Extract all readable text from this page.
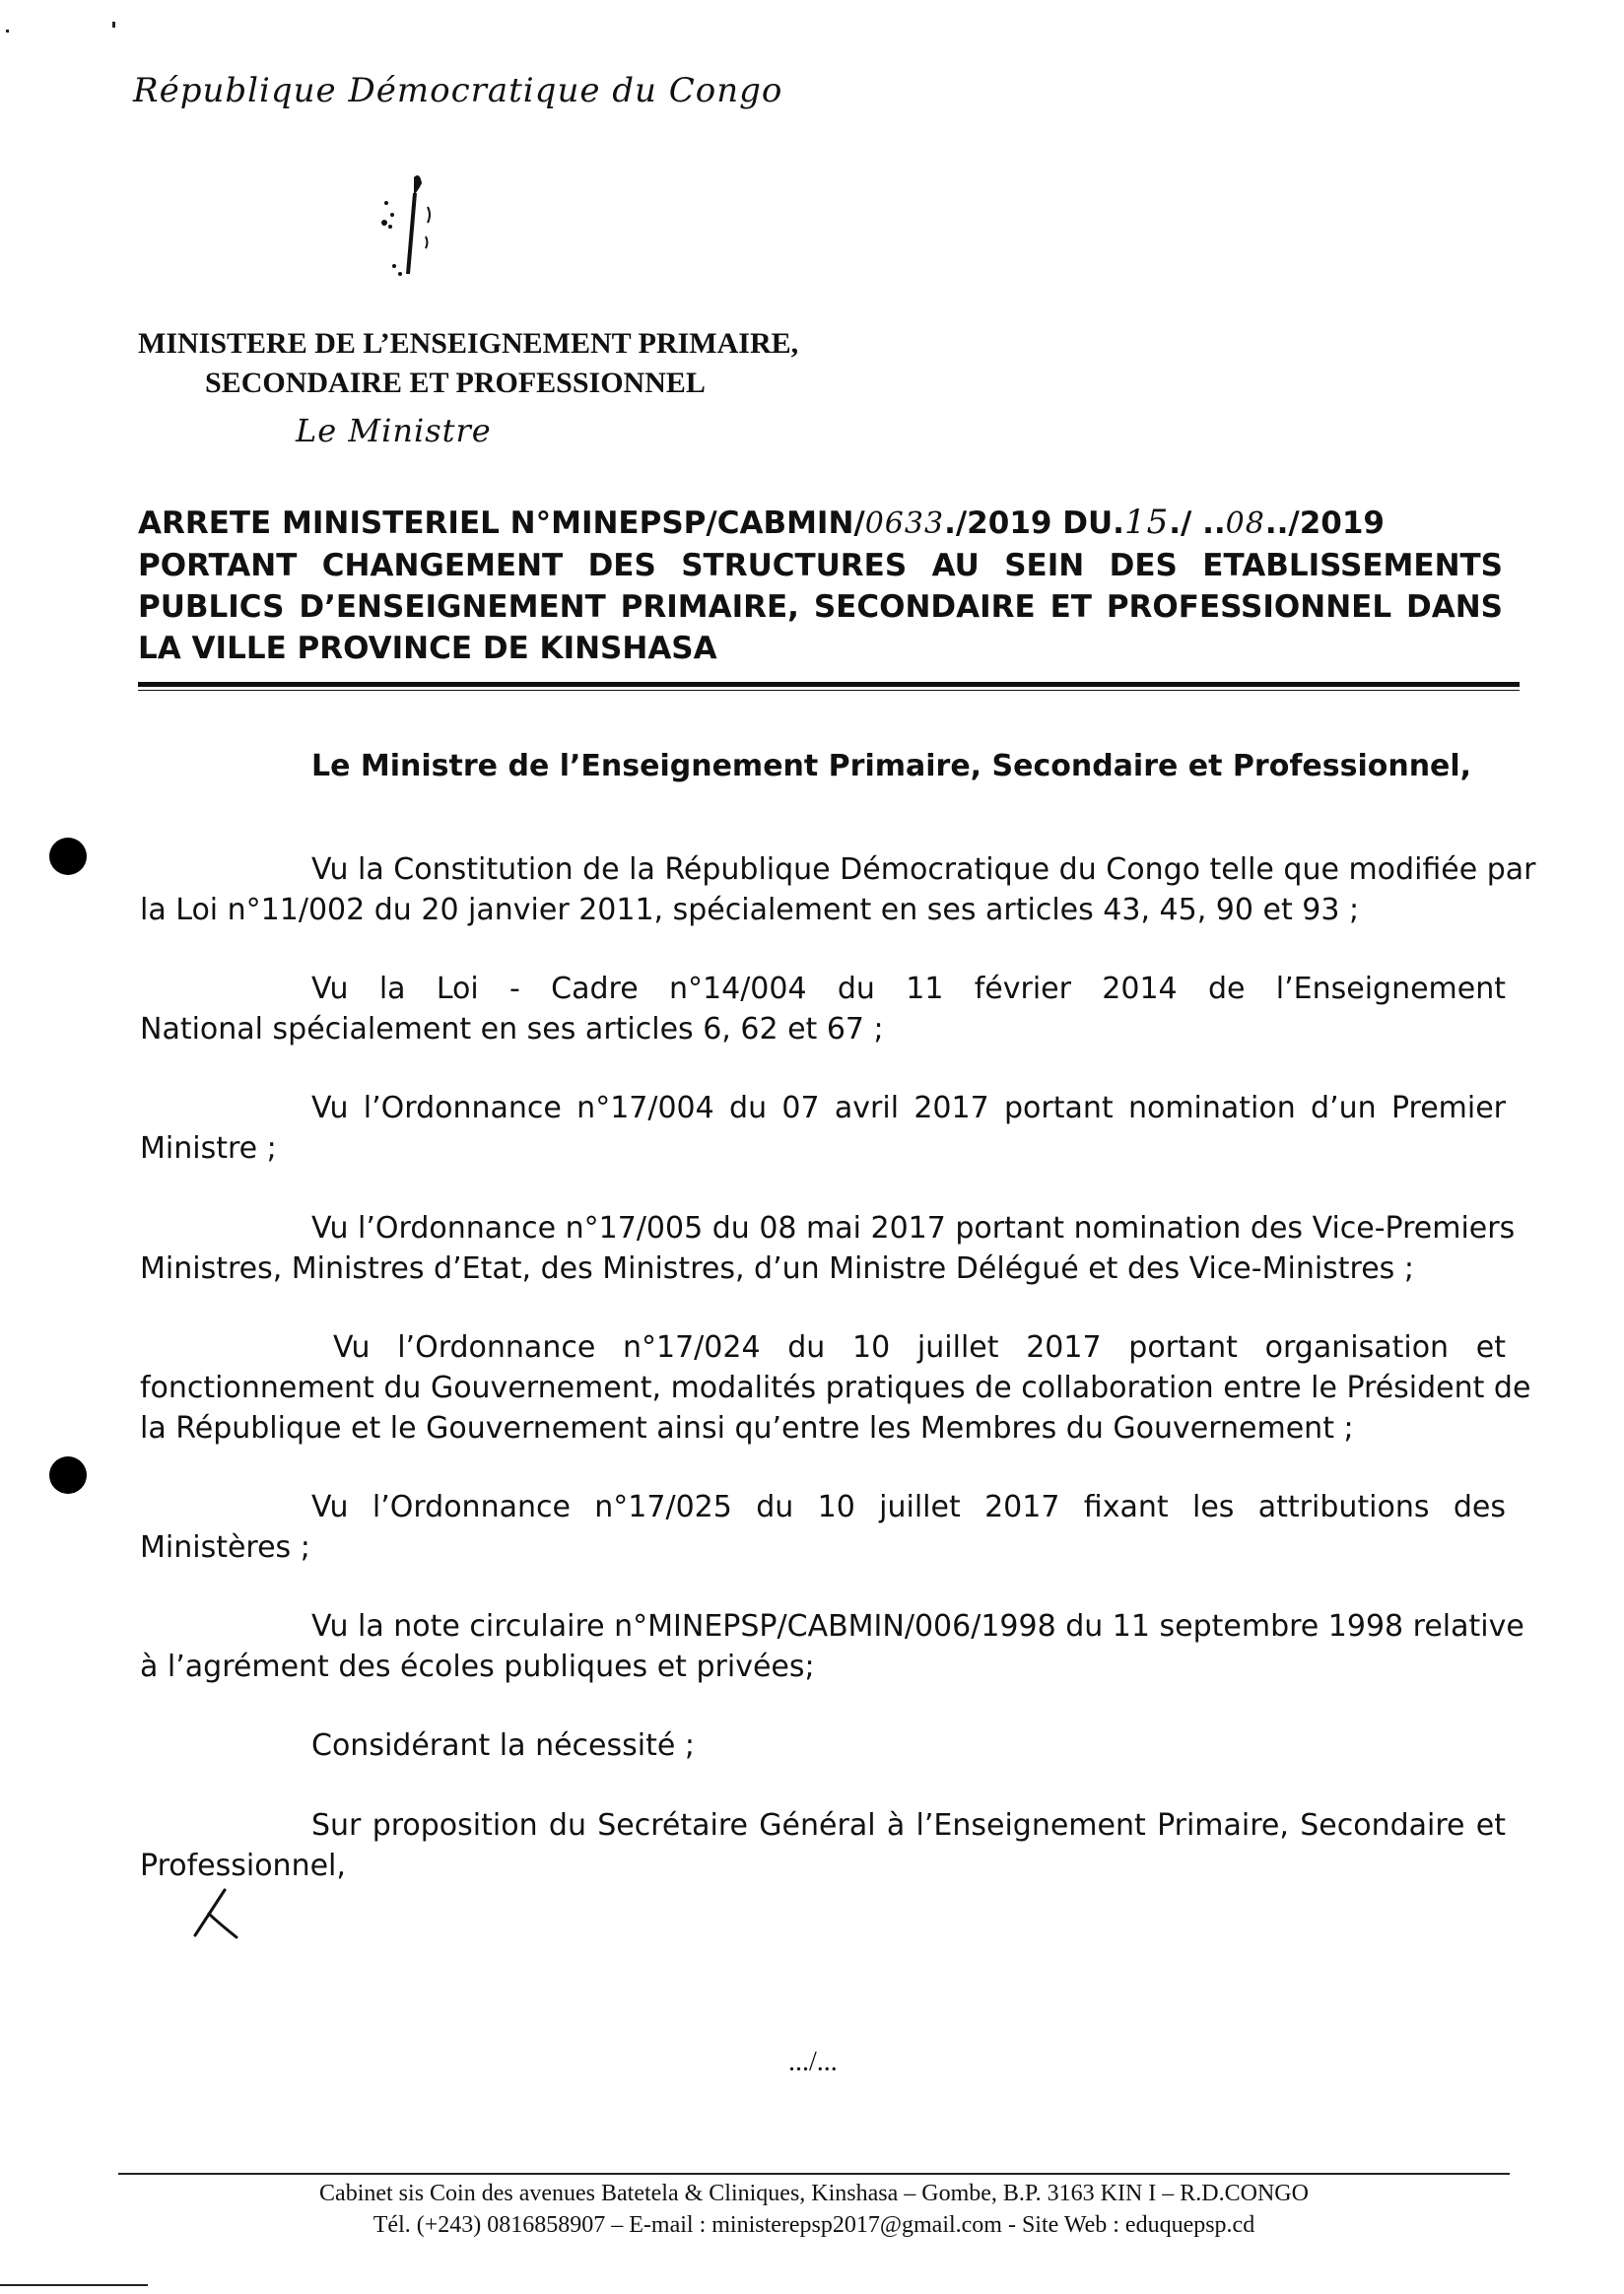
République Démocratique du Congo
MINISTERE DE L’ENSEIGNEMENT PRIMAIRE,
SECONDAIRE ET PROFESSIONNEL
Le Ministre
ARRETE MINISTERIEL N°MINEPSP/CABMIN/0633./2019 DU.15./ ..08../2019
PORTANT CHANGEMENT DES STRUCTURES AU SEIN DES ETABLISSEMENTS
PUBLICS D’ENSEIGNEMENT PRIMAIRE, SECONDAIRE ET PROFESSIONNEL DANS
LA VILLE PROVINCE DE KINSHASA
Le Ministre de l’Enseignement Primaire, Secondaire et Professionnel,
Vu la Constitution de la République Démocratique du Congo telle que modifiée par
la Loi n°11/002 du 20 janvier 2011, spécialement en ses articles 43, 45, 90 et 93 ;
Vu la Loi - Cadre n°14/004 du 11 février 2014 de l’Enseignement
National spécialement en ses articles 6, 62 et 67 ;
Vu l’Ordonnance n°17/004 du 07 avril 2017 portant nomination d’un Premier
Ministre ;
Vu l’Ordonnance n°17/005 du 08 mai 2017 portant nomination des Vice-Premiers
Ministres, Ministres d’Etat, des Ministres, d’un Ministre Délégué et des Vice-Ministres ;
Vu l’Ordonnance n°17/024 du 10 juillet 2017 portant organisation et
fonctionnement du Gouvernement, modalités pratiques de collaboration entre le Président de
la République et le Gouvernement ainsi qu’entre les Membres du Gouvernement ;
Vu l’Ordonnance n°17/025 du 10 juillet 2017 fixant les attributions des
Ministères ;
Vu la note circulaire n°MINEPSP/CABMIN/006/1998 du 11 septembre 1998 relative
à l’agrément des écoles publiques et privées;
Considérant la nécessité ;
Sur proposition du Secrétaire Général à l’Enseignement Primaire, Secondaire et
Professionnel,
.../...
Cabinet sis Coin des avenues Batetela & Cliniques, Kinshasa – Gombe, B.P. 3163 KIN I – R.D.CONGO
Tél. (+243) 0816858907 – E-mail : ministerepsp2017@gmail.com - Site Web : eduquepsp.cd
